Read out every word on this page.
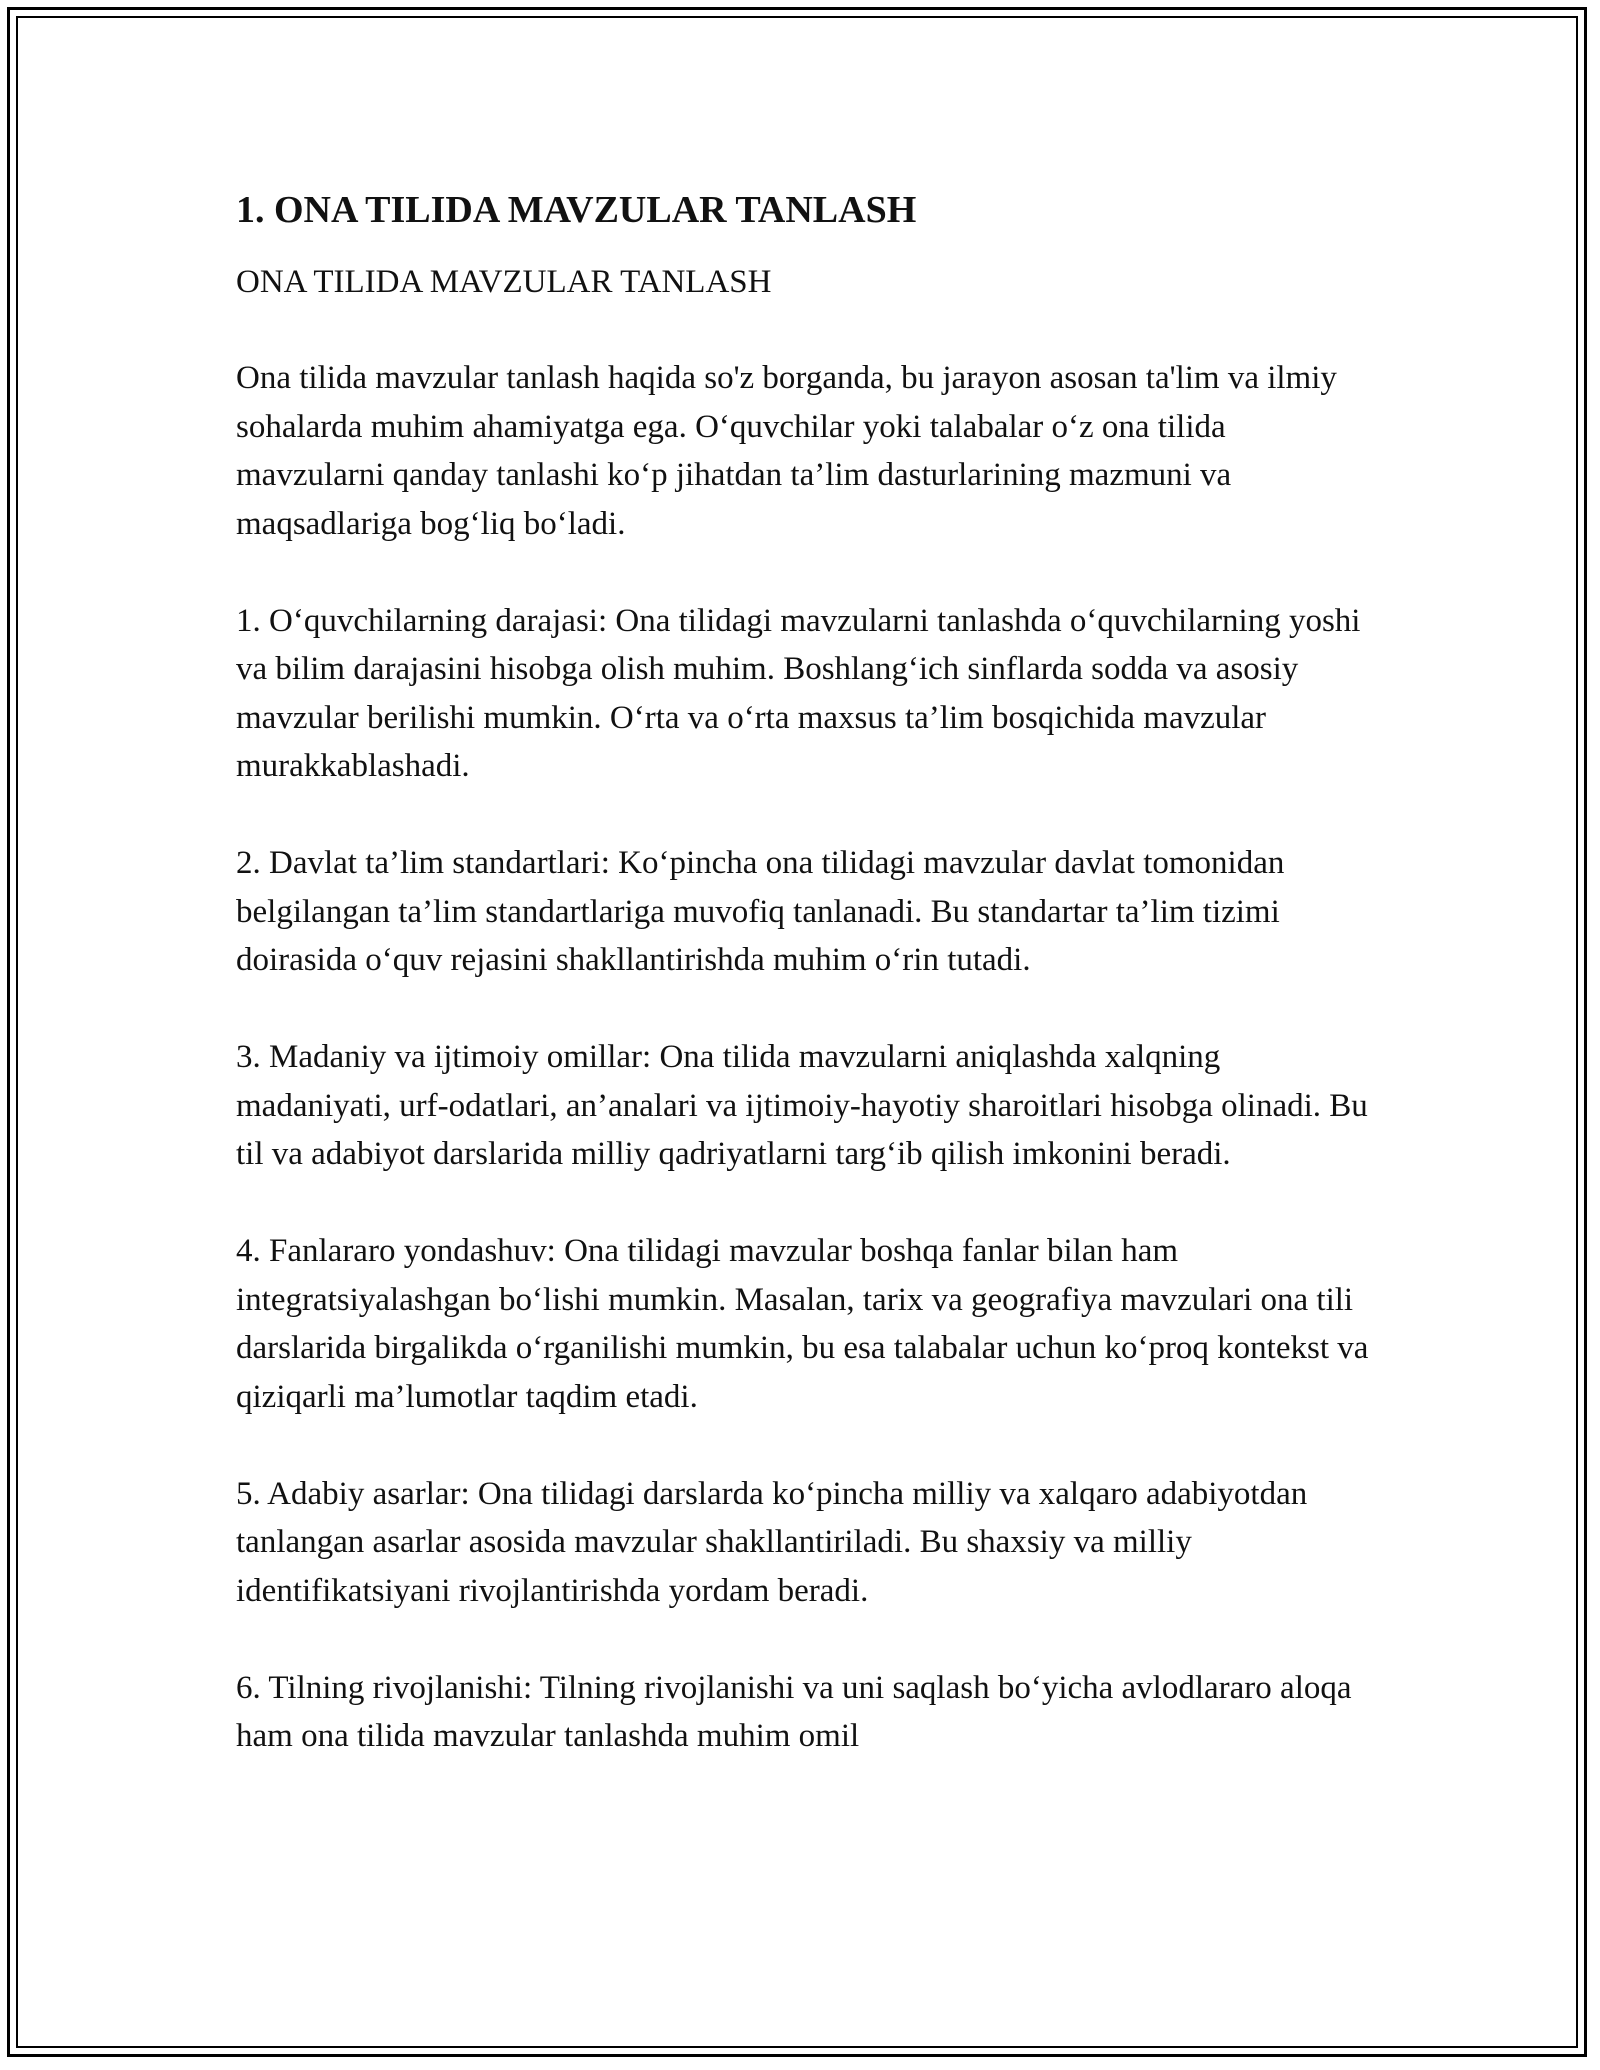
1. ONA TILIDA MAVZULAR TANLASH

ONA TILIDA MAVZULAR TANLASH

Ona tilida mavzular tanlash haqida so'z borganda, bu jarayon asosan ta'lim va ilmiy sohalarda muhim ahamiyatga ega. O‘quvchilar yoki talabalar o‘z ona tilida mavzularni qanday tanlashi ko‘p jihatdan ta’lim dasturlarining mazmuni va maqsadlariga bog‘liq bo‘ladi.

1. O‘quvchilarning darajasi: Ona tilidagi mavzularni tanlashda o‘quvchilarning yoshi va bilim darajasini hisobga olish muhim. Boshlang‘ich sinflarda sodda va asosiy mavzular berilishi mumkin. O‘rta va o‘rta maxsus ta’lim bosqichida mavzular murakkablashadi.

2. Davlat ta’lim standartlari: Ko‘pincha ona tilidagi mavzular davlat tomonidan belgilangan ta’lim standartlariga muvofiq tanlanadi. Bu standartar ta’lim tizimi doirasida o‘quv rejasini shakllantirishda muhim o‘rin tutadi.

3. Madaniy va ijtimoiy omillar: Ona tilida mavzularni aniqlashda xalqning madaniyati, urf-odatlari, an’analari va ijtimoiy-hayotiy sharoitlari hisobga olinadi. Bu til va adabiyot darslarida milliy qadriyatlarni targ‘ib qilish imkonini beradi.

4. Fanlararo yondashuv: Ona tilidagi mavzular boshqa fanlar bilan ham integratsiyalashgan bo‘lishi mumkin. Masalan, tarix va geografiya mavzulari ona tili darslarida birgalikda o‘rganilishi mumkin, bu esa talabalar uchun ko‘proq kontekst va qiziqarli ma’lumotlar taqdim etadi.

5. Adabiy asarlar: Ona tilidagi darslarda ko‘pincha milliy va xalqaro adabiyotdan tanlangan asarlar asosida mavzular shakllantiriladi. Bu shaxsiy va milliy identifikatsiyani rivojlantirishda yordam beradi.

6. Tilning rivojlanishi: Tilning rivojlanishi va uni saqlash bo‘yicha avlodlararo aloqa ham ona tilida mavzular tanlashda muhim omil
